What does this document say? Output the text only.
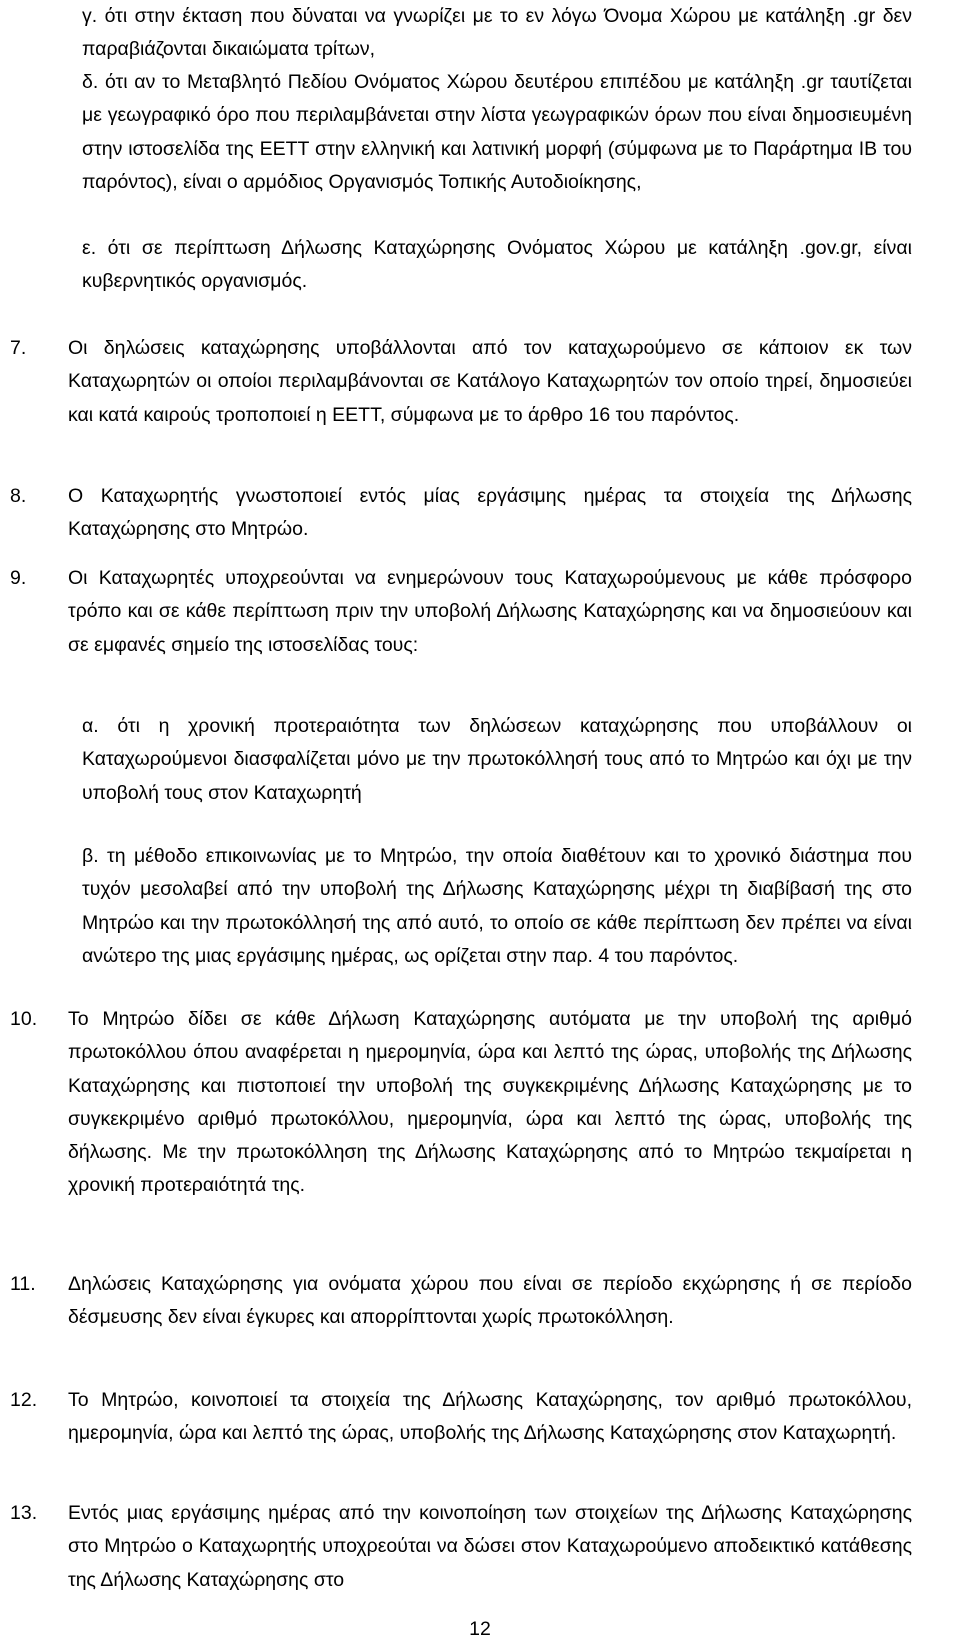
γ. ότι στην έκταση που δύναται να γνωρίζει με το εν λόγω Όνομα Χώρου με κατάληξη .gr δεν παραβιάζονται δικαιώματα τρίτων,

δ. ότι αν το Μεταβλητό Πεδίου Ονόματος Χώρου δευτέρου επιπέδου με κατάληξη .gr ταυτίζεται με γεωγραφικό όρο που περιλαμβάνεται στην λίστα γεωγραφικών όρων που είναι δημοσιευμένη στην ιστοσελίδα της ΕΕΤΤ στην ελληνική και λατινική μορφή (σύμφωνα με το Παράρτημα ΙΒ του παρόντος), είναι ο αρμόδιος Οργανισμός Τοπικής Αυτοδιοίκησης,

ε. ότι σε περίπτωση Δήλωσης Καταχώρησης Ονόματος Χώρου με κατάληξη .gov.gr, είναι κυβερνητικός οργανισμός.

7. Οι δηλώσεις καταχώρησης υποβάλλονται από τον καταχωρούμενο σε κάποιον εκ των Καταχωρητών οι οποίοι περιλαμβάνονται σε Κατάλογο Καταχωρητών τον οποίο τηρεί, δημοσιεύει και κατά καιρούς τροποποιεί η ΕΕΤΤ, σύμφωνα με το άρθρο 16 του παρόντος.

8. Ο Καταχωρητής γνωστοποιεί εντός μίας εργάσιμης ημέρας τα στοιχεία της Δήλωσης Καταχώρησης στο Μητρώο.

9. Οι Καταχωρητές υποχρεούνται να ενημερώνουν τους Καταχωρούμενους με κάθε πρόσφορο τρόπο και σε κάθε περίπτωση πριν την υποβολή Δήλωσης Καταχώρησης και να δημοσιεύουν και σε εμφανές σημείο της ιστοσελίδας τους:

α. ότι η χρονική προτεραιότητα των δηλώσεων καταχώρησης που υποβάλλουν οι Καταχωρούμενοι διασφαλίζεται μόνο με την πρωτοκόλλησή τους από το Μητρώο και όχι με την υποβολή τους στον Καταχωρητή

β. τη μέθοδο επικοινωνίας με το Μητρώο, την οποία διαθέτουν και το χρονικό διάστημα που τυχόν μεσολαβεί από την υποβολή της Δήλωσης Καταχώρησης μέχρι τη διαβίβασή της στο Μητρώο και την πρωτοκόλλησή της από αυτό, το οποίο σε κάθε περίπτωση δεν πρέπει να είναι ανώτερο της μιας εργάσιμης ημέρας, ως ορίζεται στην παρ. 4 του παρόντος.

10. Το Μητρώο δίδει σε κάθε Δήλωση Καταχώρησης αυτόματα με την υποβολή της αριθμό πρωτοκόλλου όπου αναφέρεται η ημερομηνία, ώρα και λεπτό της ώρας, υποβολής της Δήλωσης Καταχώρησης και πιστοποιεί την υποβολή της συγκεκριμένης Δήλωσης Καταχώρησης με το συγκεκριμένο αριθμό πρωτοκόλλου, ημερομηνία, ώρα και λεπτό της ώρας, υποβολής της δήλωσης. Με την πρωτοκόλληση της Δήλωσης Καταχώρησης από το Μητρώο τεκμαίρεται η χρονική προτεραιότητά της.

11. Δηλώσεις Καταχώρησης για ονόματα χώρου που είναι σε περίοδο εκχώρησης ή σε περίοδο δέσμευσης δεν είναι έγκυρες και απορρίπτονται χωρίς πρωτοκόλληση.

12. Το Μητρώο, κοινοποιεί τα στοιχεία της Δήλωσης Καταχώρησης, τον αριθμό πρωτοκόλλου, ημερομηνία, ώρα και λεπτό της ώρας, υποβολής της Δήλωσης Καταχώρησης στον Καταχωρητή.

13. Εντός μιας εργάσιμης ημέρας από την κοινοποίηση των στοιχείων της Δήλωσης Καταχώρησης στο Μητρώο ο Καταχωρητής υποχρεούται να δώσει στον Καταχωρούμενο αποδεικτικό κατάθεσης της Δήλωσης Καταχώρησης στο

12
